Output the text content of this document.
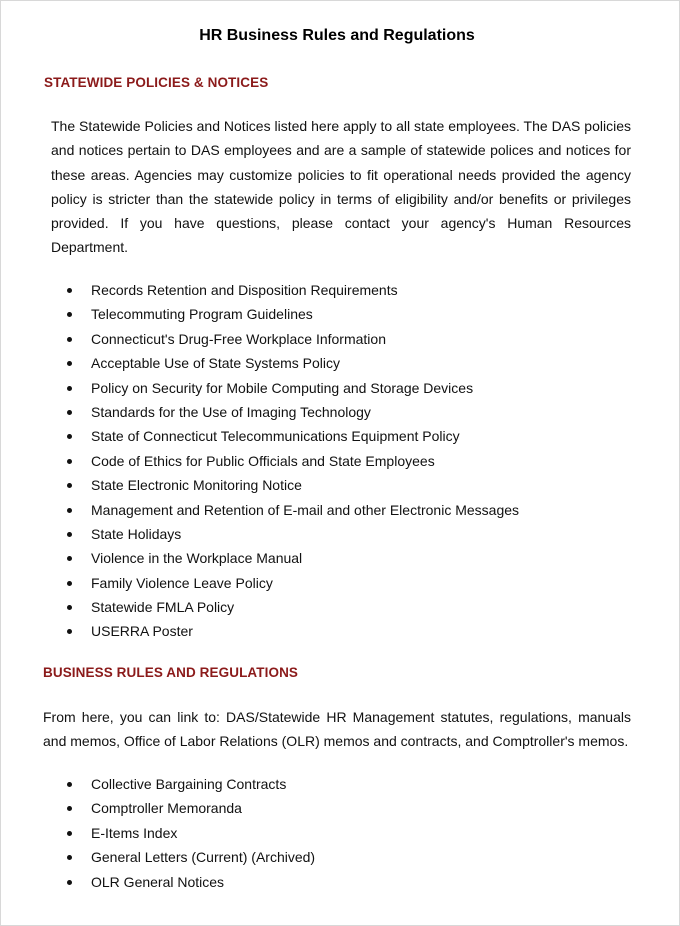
HR Business Rules and Regulations
STATEWIDE POLICIES & NOTICES

The Statewide Policies and Notices listed here apply to all state employees. The DAS policies and notices pertain to DAS employees and are a sample of statewide polices and notices for these areas. Agencies may customize policies to fit operational needs provided the agency policy is stricter than the statewide policy in terms of eligibility and/or benefits or privileges provided. If you have questions, please contact your agency's Human Resources Department.

Records Retention and Disposition Requirements
Telecommuting Program Guidelines
Connecticut's Drug-Free Workplace Information
Acceptable Use of State Systems Policy
Policy on Security for Mobile Computing and Storage Devices
Standards for the Use of Imaging Technology
State of Connecticut Telecommunications Equipment Policy
Code of Ethics for Public Officials and State Employees
State Electronic Monitoring Notice
Management and Retention of E-mail and other Electronic Messages
State Holidays
Violence in the Workplace Manual
Family Violence Leave Policy
Statewide FMLA Policy
USERRA Poster
BUSINESS RULES AND REGULATIONS

From here, you can link to: DAS/Statewide HR Management statutes, regulations, manuals and memos, Office of Labor Relations (OLR) memos and contracts, and Comptroller's memos.

Collective Bargaining Contracts
Comptroller Memoranda
E-Items Index
General Letters (Current) (Archived)
OLR General Notices
